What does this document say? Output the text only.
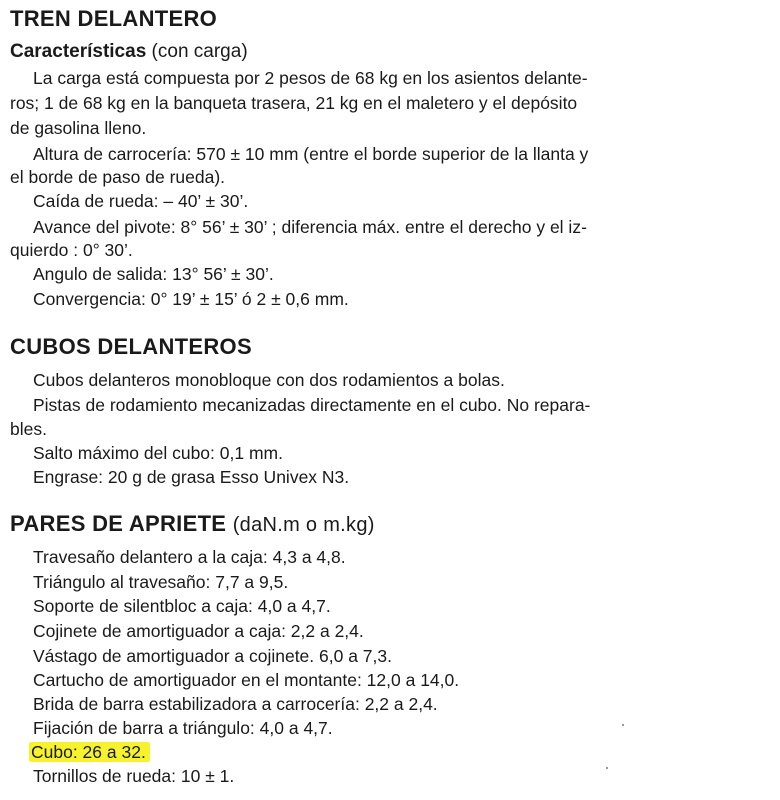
TREN DELANTERO
Características (con carga)
La carga está compuesta por 2 pesos de 68 kg en los asientos delante-
ros; 1 de 68 kg en la banqueta trasera, 21 kg en el maletero y el depósito
de gasolina lleno.
Altura de carrocería: 570 ± 10 mm (entre el borde superior de la llanta y
el borde de paso de rueda).
Caída de rueda: – 40’ ± 30’.
Avance del pivote: 8° 56’ ± 30’ ; diferencia máx. entre el derecho y el iz-
quierdo : 0° 30’.
Angulo de salida: 13° 56’ ± 30’.
Convergencia: 0° 19’ ± 15’ ó 2 ± 0,6 mm.
CUBOS DELANTEROS
Cubos delanteros monobloque con dos rodamientos a bolas.
Pistas de rodamiento mecanizadas directamente en el cubo. No repara-
bles.
Salto máximo del cubo: 0,1 mm.
Engrase: 20 g de grasa Esso Univex N3.
PARES DE APRIETE (daN.m o m.kg)
Travesaño delantero a la caja: 4,3 a 4,8.
Triángulo al travesaño: 7,7 a 9,5.
Soporte de silentbloc a caja: 4,0 a 4,7.
Cojinete de amortiguador a caja: 2,2 a 2,4.
Vástago de amortiguador a cojinete. 6,0 a 7,3.
Cartucho de amortiguador en el montante: 12,0 a 14,0.
Brida de barra estabilizadora a carrocería: 2,2 a 2,4.
Fijación de barra a triángulo: 4,0 a 4,7.
Cubo: 26 a 32.
Tornillos de rueda: 10 ± 1.
